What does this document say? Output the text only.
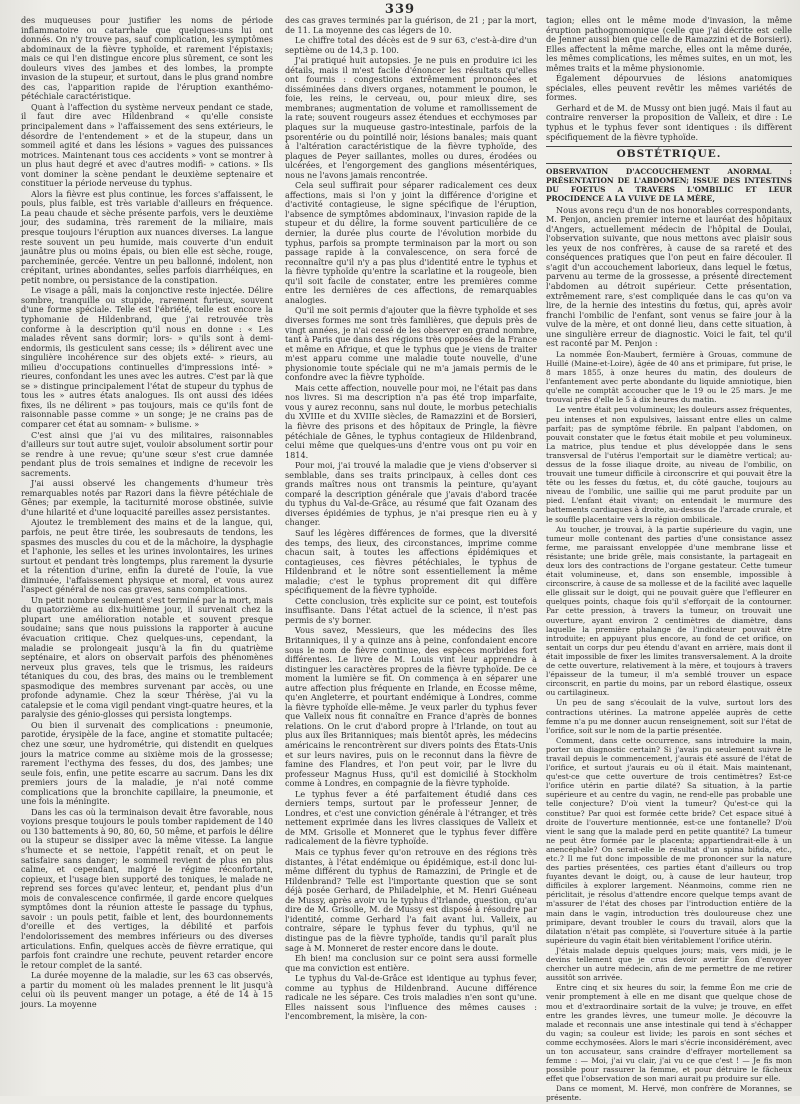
339

des muqueuses pour justifier les noms de période inflammatoire ou catarrhale que quelques-uns lui ont donnés. On n'y trouve pas, sauf complication, les symptômes abdominaux de la fièvre typhoïde, et rarement l'épistaxis; mais ce qui l'en distingue encore plus sûrement, ce sont les douleurs vives des jambes et des lombes, la prompte invasion de la stupeur, et surtout, dans le plus grand nombre des cas, l'apparition rapide de l'éruption exanthémo-pétéchiale caractéristique.

Quant à l'affection du système nerveux pendant ce stade, il faut dire avec Hildenbrand « qu'elle consiste principalement dans » l'affaissement des sens extérieurs, le désordre de l'entendement » et de la stupeur, dans un sommeil agité et dans les lésions » vagues des puissances motrices. Maintenant tous ces accidents » vont se montrer à un plus haut degré et avec d'autres modifi- » cations. » Ils vont dominer la scène pendant le deuxième septenaire et constituer la période nerveuse du typhus.

Alors la fièvre est plus continue, les forces s'affaissent, le pouls, plus faible, est très variable d'ailleurs en fréquence. La peau chaude et sèche présente parfois, vers le deuxième jour, des sudamina, très rarement de la miliaire, mais presque toujours l'éruption aux nuances diverses. La langue reste souvent un peu humide, mais couverte d'un enduit jaunâtre plus ou moins épais, ou bien elle est sèche, rouge, parcheminée, gercée. Ventre un peu ballonné, indolent, non crépitant, urines abondantes, selles parfois diarrhéiques, en petit nombre, ou persistance de la constipation.

Le visage a pâli, mais la conjonctive reste injectée. Délire sombre, tranquille ou stupide, rarement furieux, souvent d'une forme spéciale. Telle est l'ébriété, telle est encore la typhomanie de Hildenbrand, que j'ai retrouvée très conforme à la description qu'il nous en donne : « Les malades rêvent sans dormir; lors- » qu'ils sont à demi-endormis, ils gesticulent sans cesse; ils » délirent avec une singulière incohérence sur des objets exté- » rieurs, au milieu d'occupations continuelles d'impressions inté- » rieures, confondant les unes avec les autres. C'est par là que se » distingue principalement l'état de stupeur du typhus de tous les » autres états analogues. Ils ont aussi des idées fixes, ils ne délirent » pas toujours, mais ce qu'ils font de raisonnable passe comme » un songe; je ne crains pas de comparer cet état au somnam- » bulisme. »

C'est ainsi que j'ai vu des militaires, raisonnables d'ailleurs sur tout autre sujet, vouloir absolument sortir pour se rendre à une revue; qu'une sœur s'est crue damnée pendant plus de trois semaines et indigne de recevoir les sacrements.

J'ai aussi observé les changements d'humeur très remarquables notés par Razori dans la fièvre pétéchiale de Gênes; par exemple, la taciturnité morose obstinée, suivie d'une hilarité et d'une loquacité pareilles assez persistantes.

Ajoutez le tremblement des mains et de la langue, qui, parfois, ne peut être tirée, les soubresauts de tendons, les spasmes des muscles du cou et de la mâchoire, la dysphagie et l'aphonie, les selles et les urines involontaires, les urines surtout et pendant très longtemps, plus rarement la dysurie et la rétention d'urine, enfin la dureté de l'ouïe, la vue diminuée, l'affaissement physique et moral, et vous aurez l'aspect général de nos cas graves, sans complications.

Un petit nombre seulement s'est terminé par la mort, mais du quatorzième au dix-huitième jour, il survenait chez la plupart une amélioration notable et souvent presque soudaine; sans que nous puissions la rapporter à aucune évacuation critique. Chez quelques-uns, cependant, la maladie se prolongeait jusqu'à la fin du quatrième septénaire, et alors on observait parfois des phénomènes nerveux plus graves, tels que le trismus, les raideurs tétaniques du cou, des bras, des mains ou le tremblement spasmodique des membres survenant par accès, ou une profonde adynamie. Chez la sœur Thérèse, j'ai vu la catalepsie et le coma vigil pendant vingt-quatre heures, et la paralysie des génio-glosses qui persista longtemps.

Ou bien il survenait des complications : pneumonie, parotide, érysipèle de la face, angine et stomatite pultacée; chez une sœur, une hydrométrie, qui distendit en quelques jours la matrice comme au sixième mois de la grossesse; rarement l'ecthyma des fesses, du dos, des jambes; une seule fois, enfin, une petite escarre au sacrum. Dans les dix premiers jours de la maladie, je n'ai noté comme complications que la bronchite capillaire, la pneumonie, et une fois la méningite.

Dans les cas où la terminaison devait être favorable, nous voyions presque toujours le pouls tomber rapidement de 140 ou 130 battements à 90, 80, 60, 50 même, et parfois le délire ou la stupeur se dissiper avec la même vitesse. La langue s'humecte et se nettoie, l'appétit renaît, et on peut le satisfaire sans danger; le sommeil revient de plus en plus calme, et cependant, malgré le régime réconfortant, copieux, et l'usage bien supporté des toniques, le malade ne reprend ses forces qu'avec lenteur, et, pendant plus d'un mois de convalescence confirmée, il garde encore quelques symptômes dont la réunion atteste le passage du typhus, savoir : un pouls petit, faible et lent, des bourdonnements d'oreille et des vertiges, la débilité et parfois l'endolorissement des membres inférieurs ou des diverses articulations. Enfin, quelques accès de fièvre erratique, qui parfois font craindre une rechute, peuvent retarder encore le retour complet de la santé.

La durée moyenne de la maladie, sur les 63 cas observés, a partir du moment où les malades prennent le lit jusqu'à celui où ils peuvent manger un potage, a été de 14 à 15 jours. La moyenne

des cas graves terminés par la guérison, de 21 ; par la mort, de 11. La moyenne des cas légers de 10.

Le chiffre total des décès est de 9 sur 63, c'est-à-dire d'un septième ou de 14,3 p. 100.

J'ai pratiqué huit autopsies. Je ne puis en produire ici les détails, mais il m'est facile d'énoncer les résultats qu'elles ont fournis : congestions extrêmement prononcées et disséminées dans divers organes, notamment le poumon, le foie, les reins, le cerveau, ou, pour mieux dire, ses membranes; augmentation de volume et ramollissement de la rate; souvent rougeurs assez étendues et ecchymoses par plaques sur la muqueuse gastro-intestinale, parfois de la psorentérie ou du pointillé noir, lésions banales; mais quant à l'altération caractéristique de la fièvre typhoïde, des plaques de Peyer saillantes, molles ou dures, érodées ou ulcérées, et l'engorgement des ganglions mésentériques, nous ne l'avons jamais rencontrée.

Cela seul suffirait pour séparer radicalement ces deux affections, mais si l'on y joint la différence d'origine et d'activité contagieuse, le signe spécifique de l'éruption, l'absence de symptômes abdominaux, l'invasion rapide de la stupeur et du délire, la forme souvent particulière de ce dernier, la durée plus courte de l'évolution morbide du typhus, parfois sa prompte terminaison par la mort ou son passage rapide à la convalescence, on sera forcé de reconnaître qu'il n'y a pas plus d'identité entre le typhus et la fièvre typhoïde qu'entre la scarlatine et la rougeole, bien qu'il soit facile de constater, entre les premières comme entre les dernières de ces affections, de remarquables analogies.

Qu'il me soit permis d'ajouter que la fièvre typhoïde et ses diverses formes me sont très familières, que depuis près de vingt années, je n'ai cessé de les observer en grand nombre, tant à Paris que dans des régions très opposées de la France et même en Afrique, et que le typhus que je viens de traiter m'est apparu comme une maladie toute nouvelle, d'une physionomie toute spéciale qui ne m'a jamais permis de le confondre avec la fièvre typhoïde.

Mais cette affection, nouvelle pour moi, ne l'était pas dans nos livres. Si ma description n'a pas été trop imparfaite, vous y aurez reconnu, sans nul doute, le morbus petechialis du XVIIIe et du XVIIIe siècles, de Ramazzini et de Borsieri, la fièvre des prisons et des hôpitaux de Pringle, la fièvre pétéchiale de Gênes, le typhus contagieux de Hildenbrand, celui même que quelques-uns d'entre vous ont pu voir en 1814.

Pour moi, j'ai trouvé la maladie que je viens d'observer si semblable, dans ses traits principaux, à celles dont ces grands maîtres nous ont transmis la peinture, qu'ayant comparé la description générale que j'avais d'abord tracée du typhus du Val-de-Grâce, au résumé que fait Ozanam des diverses épidémies de typhus, je n'ai presque rien eu à y changer.

Sauf les légères différences de formes, que la diversité des temps, des lieux, des circonstances, imprime comme chacun sait, à toutes les affections épidémiques et contagieuses, ces fièvres pétéchiales, le typhus de Hildenbrand et le nôtre sont essentiellement la même maladie; c'est le typhus proprement dit qui diffère spécifiquement de la fièvre typhoïde.

Cette conclusion, très explicite sur ce point, est toutefois insuffisante. Dans l'état actuel de la science, il n'est pas permis de s'y borner.

Vous savez, Messieurs, que les médecins des îles Britanniques, il y a quinze ans à peine, confondaient encore sous le nom de fièvre continue, des espèces morbides fort différentes. Le livre de M. Louis vint leur apprendre à distinguer les caractères propres de la fièvre typhoïde. De ce moment la lumière se fit. On commença à en séparer une autre affection plus fréquente en Irlande, en Écosse même, qu'en Angleterre, et pourtant endémique à Londres, comme la fièvre typhoïde elle-même. Je veux parler du typhus fever que Valleix nous fit connaître en France d'après de bonnes relations. On le crut d'abord propre à l'Irlande, on tout au plus aux îles Britanniques; mais bientôt après, les médecins américains le rencontrèrent sur divers points des États-Unis et sur leurs navires, puis on le reconnut dans la fièvre de famine des Flandres, et l'on peut voir, par le livre du professeur Magnus Huss, qu'il est domicilié à Stockholm comme à Londres, en compagnie de la fièvre typhoïde.

Le typhus fever a été parfaitement étudié dans ces derniers temps, surtout par le professeur Jenner, de Londres, et c'est une conviction générale à l'étranger, et très nettement exprimée dans les livres classiques de Valleix et de MM. Grisolle et Monneret que le typhus fever diffère radicalement de la fièvre typhoïde.

Mais ce typhus fever qu'on retrouve en des régions très distantes, à l'état endémique ou épidémique, est-il donc lui-même différent du typhus de Ramazzini, de Pringle et de Hildenbrand? Telle est l'importante question que se sont déjà posée Gerhard, de Philadelphie, et M. Henri Guéneau de Mussy, après avoir vu le typhus d'Irlande, question, qu'au dire de M. Grisolle, M. de Mussy est disposé à résoudre par l'identité, comme Gerhard l'a fait avant lui. Valleix, au contraire, sépare le typhus fever du typhus, qu'il ne distingue pas de la fièvre typhoïde, tandis qu'il paraît plus sage à M. Monneret de rester encore dans le doute.

Eh bien! ma conclusion sur ce point sera aussi formelle que ma conviction est entière.

Le typhus du Val-de-Grâce est identique au typhus fever, comme au typhus de Hildenbrand. Aucune différence radicale ne les sépare. Ces trois maladies n'en sont qu'une. Elles naissent sous l'influence des mêmes causes : l'encombrement, la misère, la con-

tagion; elles ont le même mode d'invasion, la même éruption pathognomonique (celle que j'ai décrite est celle de Jenner aussi bien que celle de Ramazzini et de Borsieri). Elles affectent la même marche, elles ont la même durée, les mêmes complications, les mêmes suites, en un mot, les mêmes traits et la même physionomie.

Également dépourvues de lésions anatomiques spéciales, elles peuvent revêtir les mêmes variétés de formes.

Gerhard et de M. de Mussy ont bien jugé. Mais il faut au contraire renverser la proposition de Valleix, et dire : Le typhus et le typhus fever sont identiques : ils diffèrent spécifiquement de la fièvre typhoïde.

OBSTÉTRIQUE.
OBSERVATION D'ACCOUCHEMENT ANORMAL : PRÉSENTATION DE L'ABDOMEN; ISSUE DES INTESTINS DU FOETUS A TRAVERS L'OMBILIC ET LEUR PROCIDENCE A LA VULVE DE LA MÈRE,

Nous avons reçu d'un de nos honorables correspondants, M. Penjon, ancien premier interne et lauréat des hôpitaux d'Angers, actuellement médecin de l'hôpital de Doulai, l'observation suivante, que nous mettons avec plaisir sous les yeux de nos confrères, à cause de sa rareté et des conséquences pratiques que l'on peut en faire découler. Il s'agit d'un accouchement laborieux, dans lequel le fœtus, parvenu au terme de la grossesse, a présenté directement l'abdomen au détroit supérieur. Cette présentation, extrêmement rare, s'est compliquée dans le cas qu'on va lire, de la hernie des intestins du fœtus, qui, après avoir franchi l'ombilic de l'enfant, sont venus se faire jour à la vulve de la mère, et ont donné lieu, dans cette situation, à une singulière erreur de diagnostic. Voici le fait, tel qu'il est raconté par M. Penjon :

La nommée Éon-Maubert, fermière à Grouas, commune de Huillé (Maine-et-Loire), âgée de 40 ans et primipare, fut prise, le 8 mars 1855, à onze heures du matin, des douleurs de l'enfantement avec perte abondante du liquide amniotique, bien qu'elle ne comptât accoucher que le 19 ou le 25 mars. Je me trouvai près d'elle le 5 à dix heures du matin.

Le ventre était peu volumineux; les douleurs assez fréquentes, peu intenses et non expulsives, laissant entre elles un calme parfait; pas de symptôme fébrile. En palpant l'abdomen, on pouvait constater que le fœtus était mobile et peu volumineux. La matrice, plus tendue et plus développée dans le sens transversal de l'utérus l'emportait sur le diamètre vertical; au-dessus de la fosse iliaque droite, au niveau de l'ombilic, on trouvait une tumeur difficile à circonscrire et qui pouvait être la tête ou les fesses du fœtus, et, du côté gauche, toujours au niveau de l'ombilic, une saillie qui me parut produite par un pied. L'enfant était vivant; on entendait le murmure des battements cardiaques à droite, au-dessus de l'arcade crurale, et le souffle placentaire vers la région ombilicale.

Au toucher, je trouvai, à la partie supérieure du vagin, une tumeur molle contenant des parties d'une consistance assez ferme, me paraissant enveloppée d'une membrane lisse et résistante; une bride grêle, mais consistante, la partageait en deux lors des contractions de l'organe gestateur. Cette tumeur était volumineuse, et, dans son ensemble, impossible à circonscrire, à cause de sa mollesse et de la facilité avec laquelle elle glissait sur le doigt, qui ne pouvait guère que l'effleurer en quelques points, chaque fois qu'il s'efforçait de la contourner. Par cette pression, à travers la tumeur, on trouvait une ouverture, ayant environ 2 centimètres de diamètre, dans laquelle la première phalange de l'indicateur pouvait être introduite; en appuyant plus encore, au fond de cet orifice, on sentait un corps dur peu étendu d'avant en arrière, mais dont il était impossible de fixer les limites transversalement. A la droite de cette ouverture, relativement à la mère, et toujours à travers l'épaisseur de la tumeur, il m'a semblé trouver un espace circonscrit, en partie du moins, par un rebord élastique, osseux ou cartilagineux.

Un peu de sang s'écoulait de la vulve, surtout lors des contractions utérines. La matrone appelée auprès de cette femme n'a pu me donner aucun renseignement, soit sur l'état de l'orifice, soit sur le nom de la partie présentée.

Comment, dans cette occurrence, sans introduire la main, porter un diagnostic certain? Si j'avais pu seulement suivre le travail depuis le commencement, j'aurais été assuré de l'état de l'orifice, et surtout j'aurais eu où il était. Mais maintenant, qu'est-ce que cette ouverture de trois centimètres? Est-ce l'orifice utérin en partie dilaté? Sa situation, à la partie supérieure et au centre du vagin, ne rend-elle pas probable une telle conjecture? D'où vient la tumeur? Qu'est-ce qui la constitue? Par quoi est formée cette bride? Cet espace situé à droite de l'ouverture mentionnée, est-ce une fontanelle? D'où vient le sang que la malade perd en petite quantité? La tumeur ne peut être formée par le placenta; appartiendrait-elle à un anencéphale? On serait-elle le résultat d'un spina bifida, etc., etc.? Il me fut donc impossible de me prononcer sur la nature des parties présentées, ces parties étant d'ailleurs ou trop fuyantes devant le doigt, ou, à cause de leur hauteur, trop difficiles à explorer largement. Néanmoins, comme rien ne périclitait, je résolus d'attendre encore quelque temps avant de m'assurer de l'état des choses par l'introduction entière de la main dans le vagin, introduction très douloureuse chez une primipare, devant troubler le cours du travail, alors que la dilatation n'était pas complète, si l'ouverture située à la partie supérieure du vagin était bien véritablement l'orifice utérin.

J'étais malade depuis quelques jours; mais, vers midi, je le devins tellement que je crus devoir avertir Éon d'envoyer chercher un autre médecin, afin de me permettre de me retirer aussitôt son arrivée.

Entre cinq et six heures du soir, la femme Éon me crie de venir promptement à elle en me disant que quelque chose de mou et d'extraordinaire sortait de la vulve; je trouve, en effet entre les grandes lèvres, une tumeur molle. Je découvre la malade et reconnais une anse intestinale qui tend à s'échapper du vagin; sa couleur est livide; les parois en sont séches et comme ecchymosées. Alors le mari s'écrie inconsidérément, avec un ton accusateur, sans craindre d'effrayer mortellement sa femme : — Moi, j'ai vu clair, j'ai vu ce que c'est ! — Je fis mon possible pour rassurer la femme, et pour détruire le fâcheux effet que l'observation de son mari aurait pu produire sur elle.

Dans ce moment, M. Hervé, mon confrère de Morannes, se présente.
